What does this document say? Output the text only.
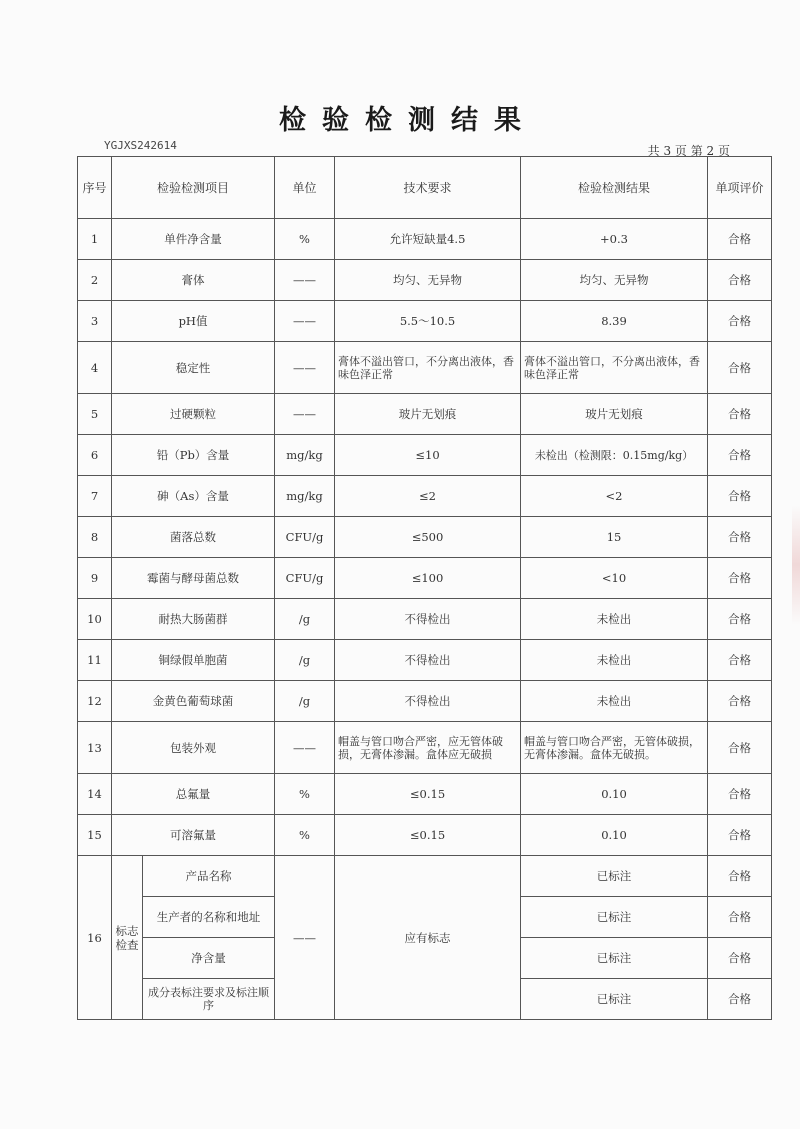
检验检测结果
YGJXS242614	共 3 页 第 2 页
序号	检验检测项目		单位	技术要求	检验检测结果	单项评价
1	单件净含量		%	允许短缺量4.5	+0.3	合格
2	膏体		——	均匀、无异物	均匀、无异物	合格
3	pH值		——	5.5～10.5	8.39	合格
4	稳定性		——	膏体不溢出管口，不分离出液体，香味色泽正常	膏体不溢出管口，不分离出液体，香味色泽正常	合格
5	过硬颗粒		——	玻片无划痕	玻片无划痕	合格
6	铅（Pb）含量		mg/kg	≤10	未检出（检测限：0.15mg/kg）	合格
7	砷（As）含量		mg/kg	≤2	<2	合格
8	菌落总数		CFU/g	≤500	15	合格
9	霉菌与酵母菌总数		CFU/g	≤100	<10	合格
10	耐热大肠菌群		/g	不得检出	未检出	合格
11	铜绿假单胞菌		/g	不得检出	未检出	合格
12	金黄色葡萄球菌		/g	不得检出	未检出	合格
13	包装外观		——	帽盖与管口吻合严密，应无管体破损，无膏体渗漏。盒体应无破损	帽盖与管口吻合严密，无管体破损，无膏体渗漏。盒体无破损。	合格
14	总氟量		%	≤0.15	0.10	合格
15	可溶氟量		%	≤0.15	0.10	合格
16	标志检查	产品名称	——	应有标志	已标注	合格
		生产者的名称和地址			已标注	合格
		净含量			已标注	合格
		成分表标注要求及标注顺序			已标注	合格
